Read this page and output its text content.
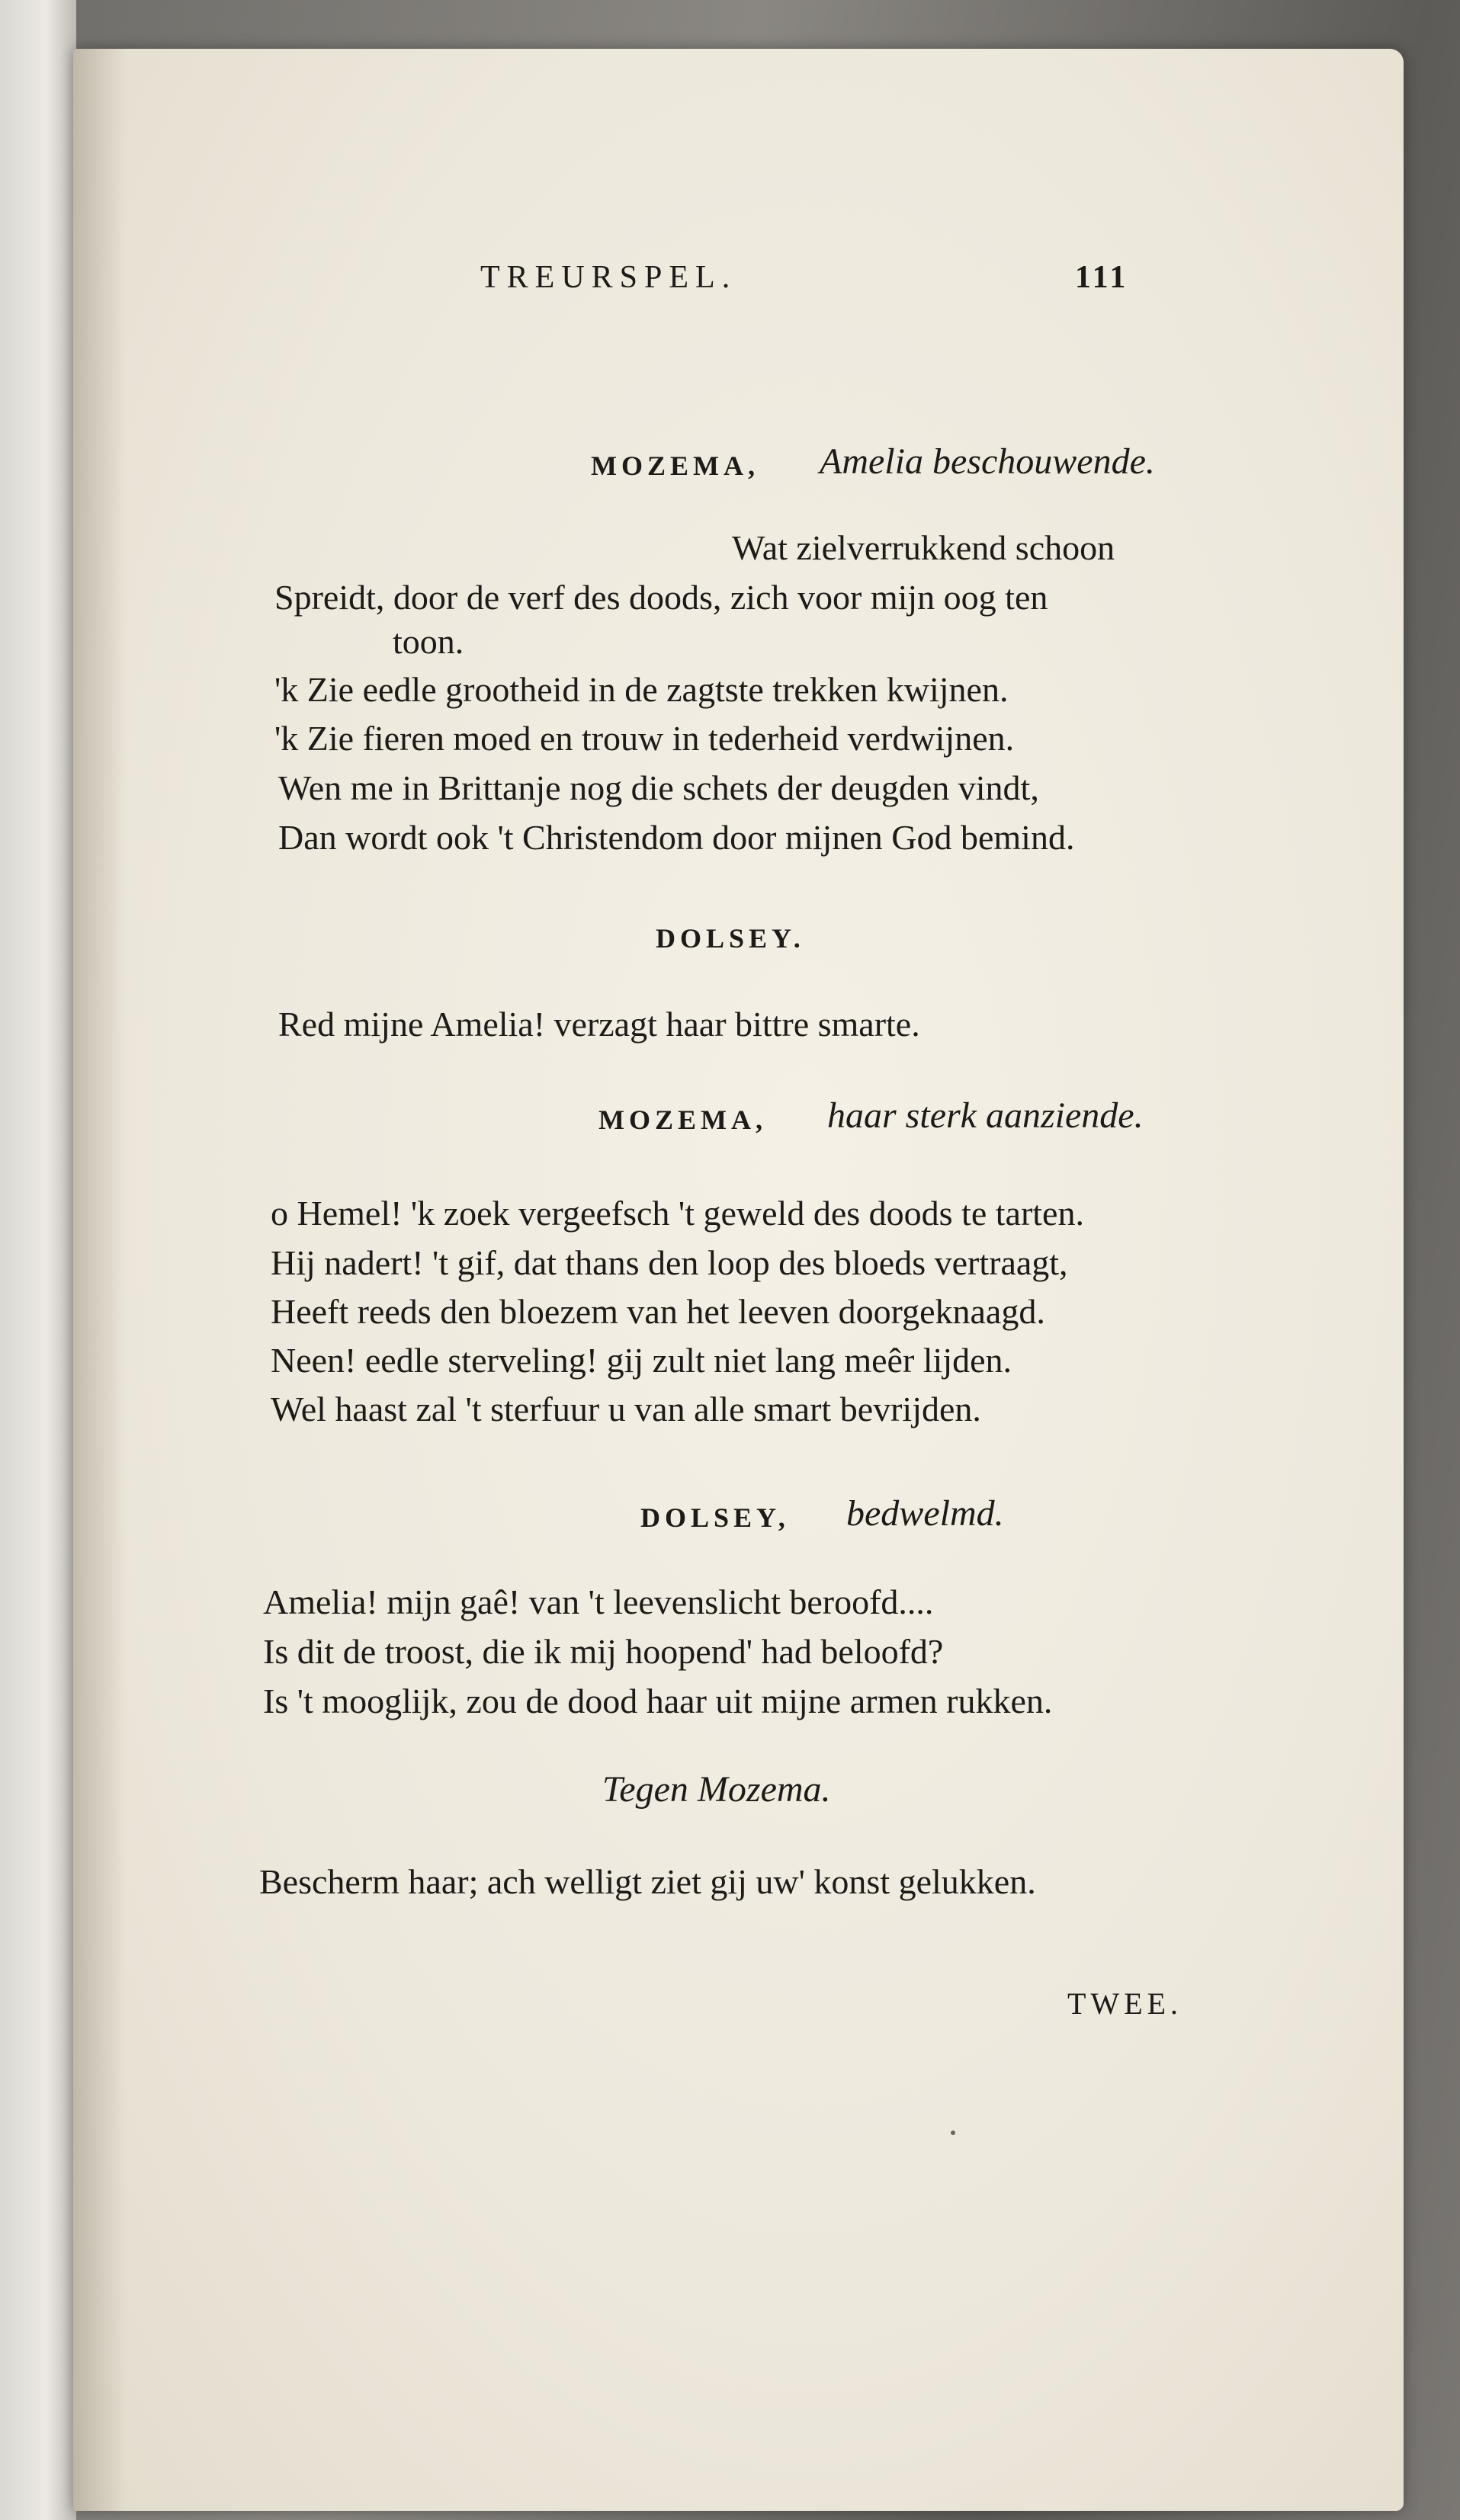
TREURSPEL.	111
MOZEMA, Amelia beschouwende.
Wat zielverrukkend schoon
Spreidt, door de verf des doods, zich voor mijn oog ten
toon.
'k Zie eedle grootheid in de zagtste trekken kwijnen.
'k Zie fieren moed en trouw in tederheid verdwijnen.
Wen me in Brittanje nog die schets der deugden vindt,
Dan wordt ook 't Christendom door mijnen God bemind.
DOLSEY.
Red mijne Amelia! verzagt haar bittre smarte.
MOZEMA, haar sterk aanziende.
o Hemel! 'k zoek vergeefsch 't geweld des doods te tarten.
Hij nadert! 't gif, dat thans den loop des bloeds vertraagt,
Heeft reeds den bloezem van het leeven doorgeknaagd.
Neen! eedle sterveling! gij zult niet lang meêr lijden.
Wel haast zal 't sterfuur u van alle smart bevrijden.
DOLSEY, bedwelmd.
Amelia! mijn gaê! van 't leevenslicht beroofd....
Is dit de troost, die ik mij hoopend' had beloofd?
Is 't mooglijk, zou de dood haar uit mijne armen rukken.
Tegen Mozema.
Bescherm haar; ach welligt ziet gij uw' konst gelukken.
TWEE.
